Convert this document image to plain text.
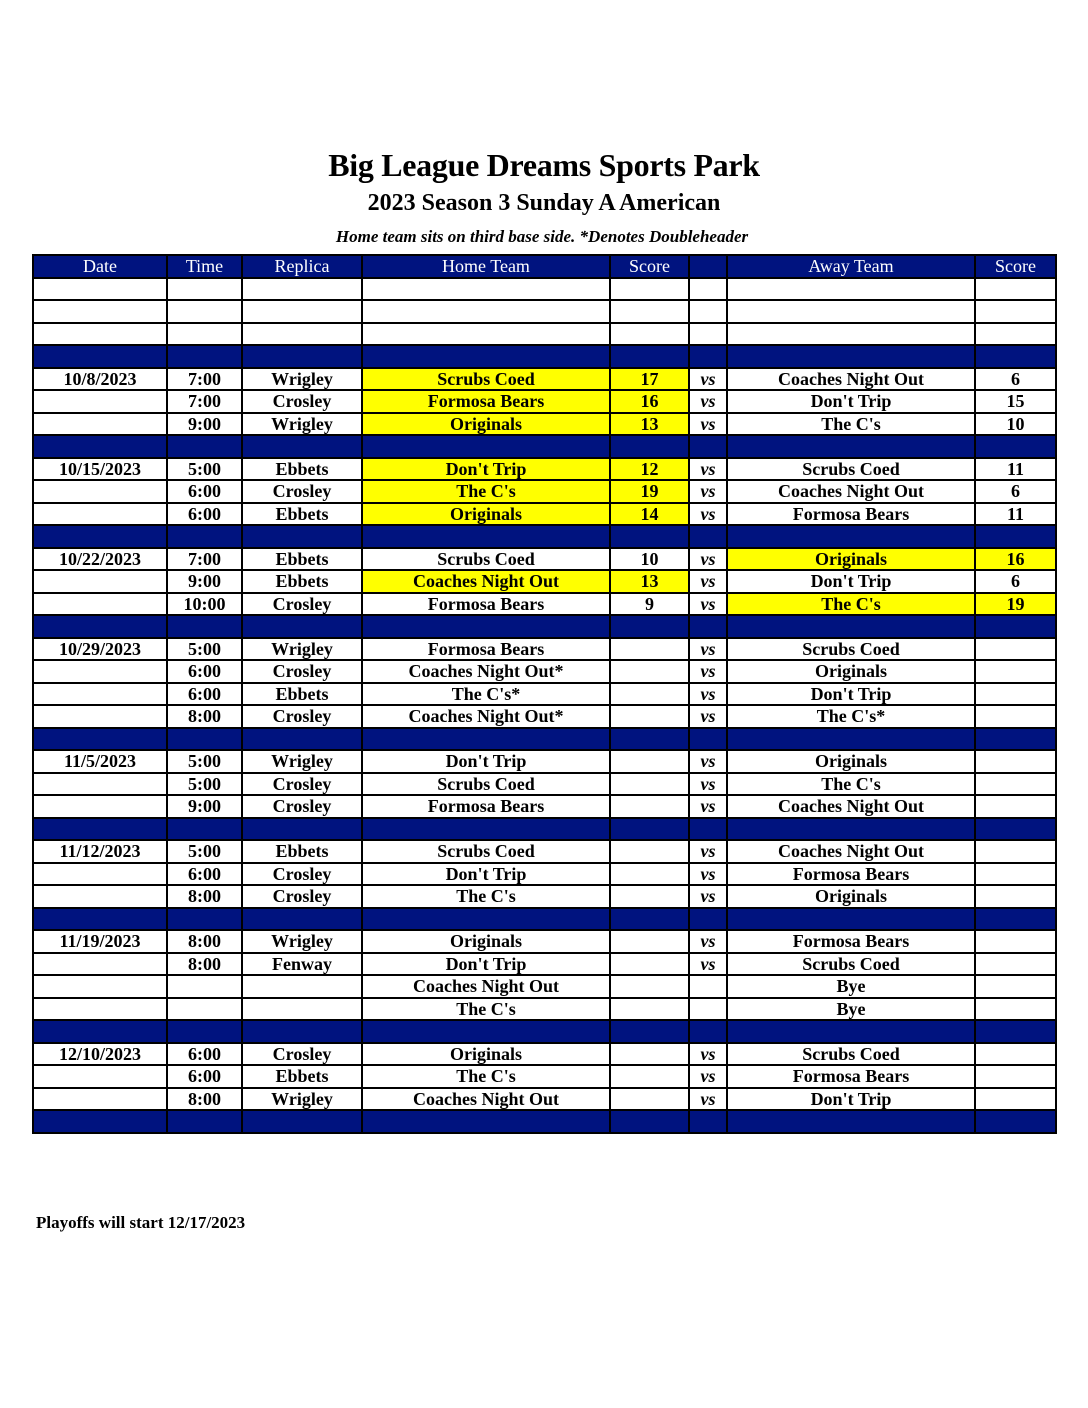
Big League Dreams Sports Park
2023 Season 3 Sunday A American
Home team sits on third base side. *Denotes Doubleheader
Date	Time	Replica	Home Team	Score		Away Team	Score

10/8/2023	7:00	Wrigley	Scrubs Coed	17	vs	Coaches Night Out	6
	7:00	Crosley	Formosa Bears	16	vs	Don't Trip	15
	9:00	Wrigley	Originals	13	vs	The C's	10

10/15/2023	5:00	Ebbets	Don't Trip	12	vs	Scrubs Coed	11
	6:00	Crosley	The C's	19	vs	Coaches Night Out	6
	6:00	Ebbets	Originals	14	vs	Formosa Bears	11

10/22/2023	7:00	Ebbets	Scrubs Coed	10	vs	Originals	16
	9:00	Ebbets	Coaches Night Out	13	vs	Don't Trip	6
	10:00	Crosley	Formosa Bears	9	vs	The C's	19

10/29/2023	5:00	Wrigley	Formosa Bears		vs	Scrubs Coed	
	6:00	Crosley	Coaches Night Out*		vs	Originals	
	6:00	Ebbets	The C's*		vs	Don't Trip	
	8:00	Crosley	Coaches Night Out*		vs	The C's*	

11/5/2023	5:00	Wrigley	Don't Trip		vs	Originals	
	5:00	Crosley	Scrubs Coed		vs	The C's	
	9:00	Crosley	Formosa Bears		vs	Coaches Night Out	

11/12/2023	5:00	Ebbets	Scrubs Coed		vs	Coaches Night Out	
	6:00	Crosley	Don't Trip		vs	Formosa Bears	
	8:00	Crosley	The C's		vs	Originals	

11/19/2023	8:00	Wrigley	Originals		vs	Formosa Bears	
	8:00	Fenway	Don't Trip		vs	Scrubs Coed	
			Coaches Night Out			Bye	
			The C's			Bye	

12/10/2023	6:00	Crosley	Originals		vs	Scrubs Coed	
	6:00	Ebbets	The C's		vs	Formosa Bears	
	8:00	Wrigley	Coaches Night Out		vs	Don't Trip	

Playoffs will start 12/17/2023
